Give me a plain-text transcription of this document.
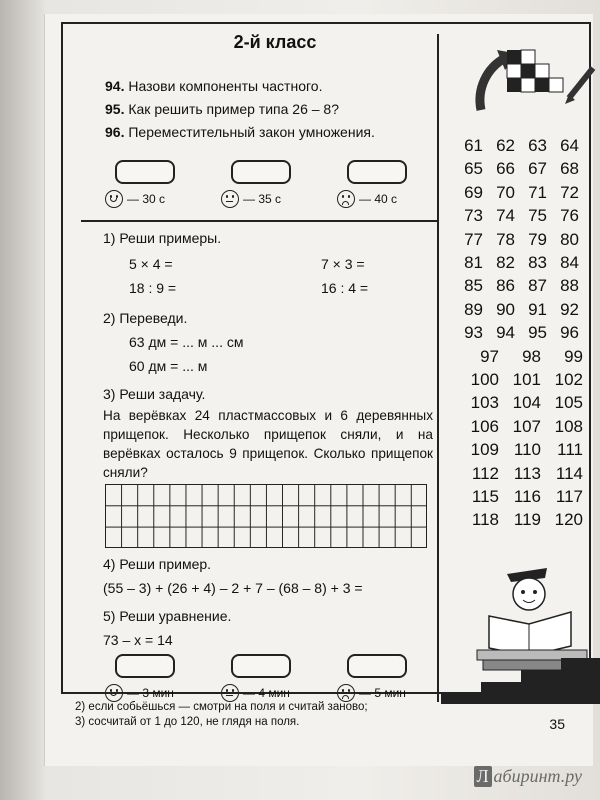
2-й класс
94. Назови компоненты частного.
95. Как решить пример типа 26 – 8?
96. Переместительный закон умножения.
— 30 с	— 35 с	— 40 с
1) Реши примеры.
5 × 4 =	7 × 3 =
18 : 9 =	16 : 4 =
2) Переведи.
63 дм = ... м ... см
60 дм = ... м
3) Реши задачу.
На верёвках 24 пластмассовых и 6 деревянных прищепок. Несколько прищепок сняли, и на верёвках осталось 9 прищепок. Сколько прищепок сняли?
4) Реши пример.
(55 – 3) + (26 + 4) – 2 + 7 – (68 – 8) + 3 =
5) Реши уравнение.
73 – x = 14
— 3 мин	— 4 мин	— 5 мин
61 62 63 64
65 66 67 68
69 70 71 72
73 74 75 76
77 78 79 80
81 82 83 84
85 86 87 88
89 90 91 92
93 94 95 96
97	98	99
100 101 102
103 104 105
106 107 108
109 110 111
112 113 114
115 116 117
118 119 120
2) если собьёшься — смотри на поля и считай заново;
3) сосчитай от 1 до 120, не глядя на поля.	35
Л абиринт.ру
